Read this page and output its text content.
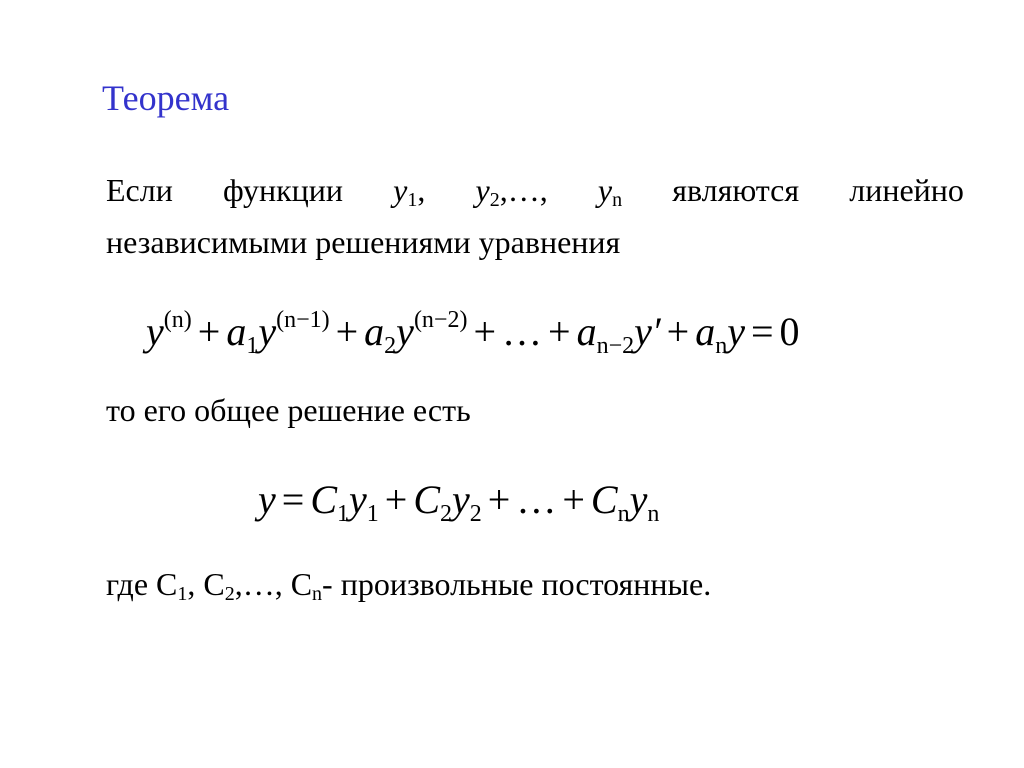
Теорема
Если функции $y_1$, $y_2,\dots$, $y_n$ являются линейно
независимыми решениями уравнения
$y^{(n)} + a_1y^{(n-1)} + a_2y^{(n-2)}$ + … + $a_{n-2}y' + a_ny = 0$
то его общее решение есть
$y = C_1y_1 + C_2y_2$ + … + $C_ny_n$
где $С_1$, $С_2,\dots$, $С_n-$ произвольные постоянные.
